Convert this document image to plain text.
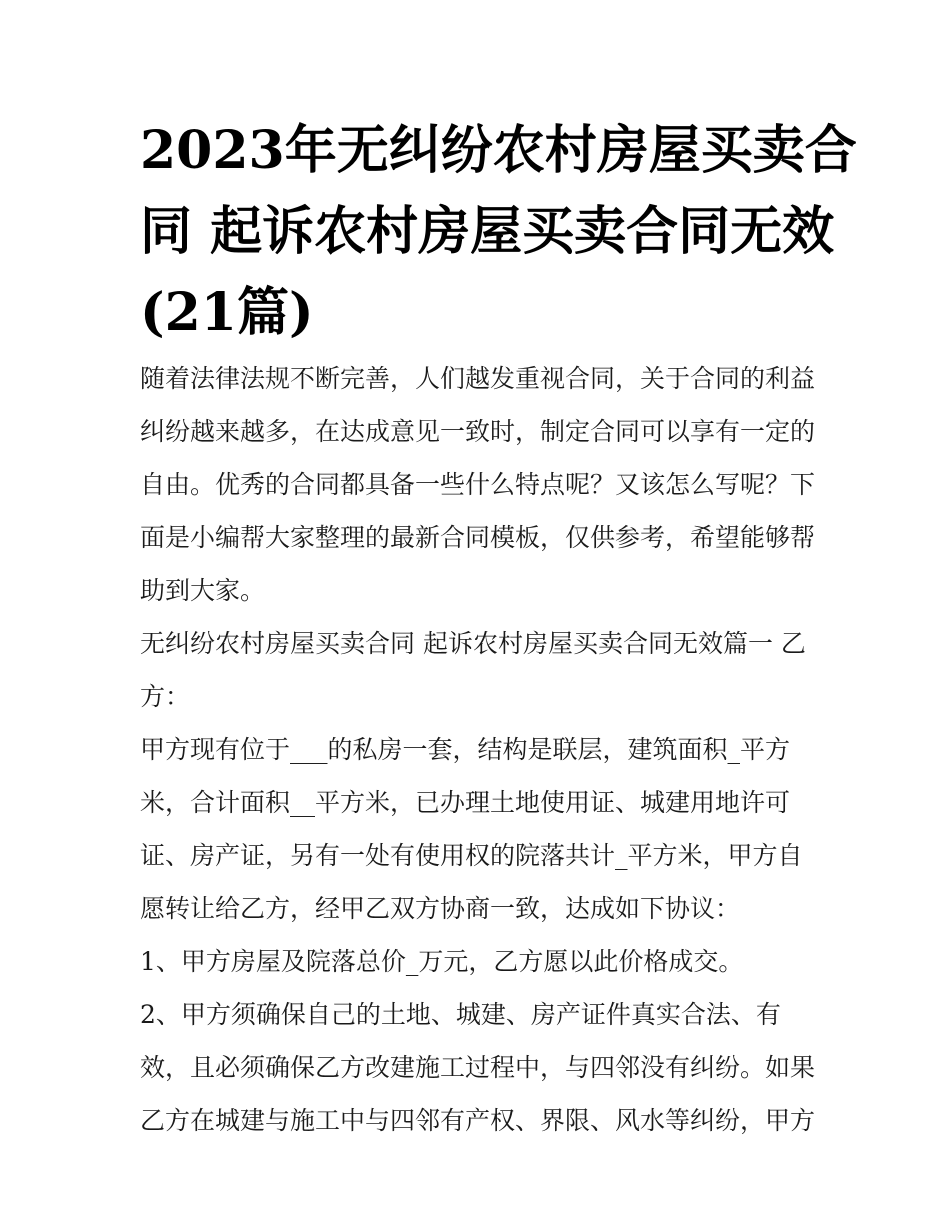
2023年无纠纷农村房屋买卖合
同 起诉农村房屋买卖合同无效
(21篇)
随着法律法规不断完善，人们越发重视合同，关于合同的利益
纠纷越来越多，在达成意见一致时，制定合同可以享有一定的
自由。优秀的合同都具备一些什么特点呢？又该怎么写呢？下
面是小编帮大家整理的最新合同模板，仅供参考，希望能够帮
助到大家。
无纠纷农村房屋买卖合同 起诉农村房屋买卖合同无效篇一 乙
方：
甲方现有位于___的私房一套，结构是联层，建筑面积_平方
米，合计面积__平方米，已办理土地使用证、城建用地许可
证、房产证，另有一处有使用权的院落共计_平方米，甲方自
愿转让给乙方，经甲乙双方协商一致，达成如下协议：
1、甲方房屋及院落总价_万元，乙方愿以此价格成交。
2、甲方须确保自己的土地、城建、房产证件真实合法、有
效，且必须确保乙方改建施工过程中，与四邻没有纠纷。如果
乙方在城建与施工中与四邻有产权、界限、风水等纠纷，甲方
